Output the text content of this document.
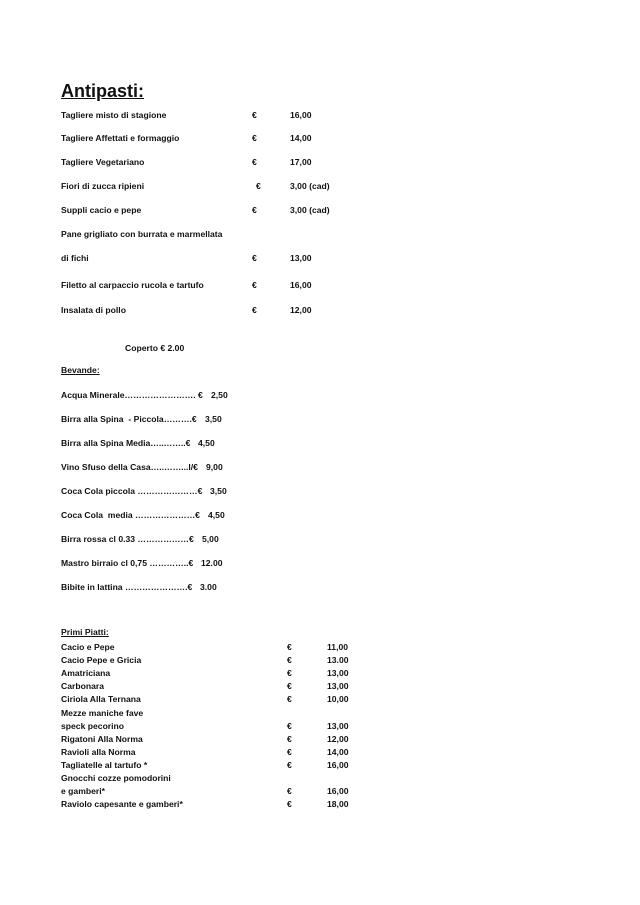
Antipasti:
Tagliere misto di stagione	€	16,00
Tagliere Affettati e formaggio	€	14,00
Tagliere Vegetariano	€	17,00
Fiori di zucca ripieni	€	3,00 (cad)
Suppli cacio e pepe	€	3,00 (cad)
Pane grigliato con burrata e marmellata
di fichi	€	13,00
Filetto al carpaccio rucola e tartufo	€	16,00
Insalata di pollo	€	12,00
Coperto € 2.00
Bevande:
Acqua Minerale……………………. € 2,50
Birra alla Spina  - Piccola……….€ 3,50
Birra alla Spina Media…..……..€ 4,50
Vino Sfuso della Casa…..……...l/€ 9,00
Coca Cola piccola …………………€ 3,50
Coca Cola  media …………………€ 4,50
Birra rossa cl 0.33 ………………€ 5,00
Mastro birraio cl 0,75 …………..€ 12.00
Bibite in lattina ………………….€ 3.00
Primi Piatti:
Cacio e Pepe	€	11,00
Cacio Pepe e Gricia	€	13.00
Amatriciana	€	13,00
Carbonara	€	13,00
Ciriola Alla Ternana	€	10,00
Mezze maniche fave
speck pecorino	€	13,00
Rigatoni Alla Norma	€	12,00
Ravioli alla Norma	€	14,00
Tagliatelle al tartufo *	€	16,00
Gnocchi cozze pomodorini
e gamberi*	€	16,00
Raviolo capesante e gamberi*	€	18,00
